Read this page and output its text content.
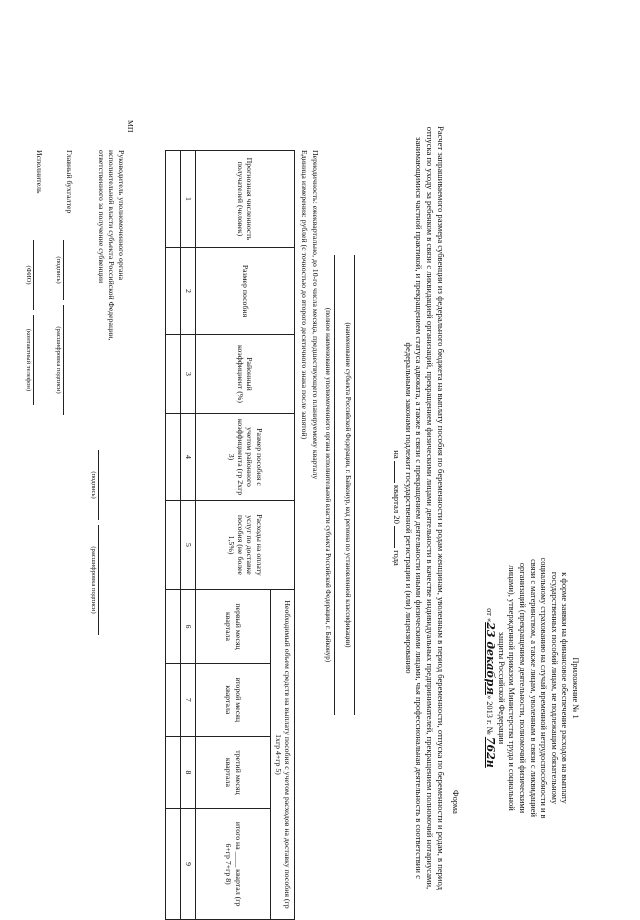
Приложение № 1
к форме заявки на финансовое обеспечение расходов на выплату
государственных пособий лицам, не подлежащим обязательному
социальному страхованию на случай временной нетрудоспособности и в
связи с материнством, а также лицам, уволенным в связи с ликвидацией
организаций (прекращением деятельности, полномочий физическими
лицами), утвержденной приказом Министерства труда и социальной
защиты Российской Федерации
от «23 декабря» 2013 г. № 762н
Форма
Расчет запрашиваемого размера субвенции из федерального бюджета на выплату пособия по беременности и родам женщинам, уволенным в период беременности, отпуска по беременности и родам, в период отпуска по уходу за ребенком в связи с ликвидацией организаций, прекращением физическими лицами деятельности в качестве индивидуальных предпринимателей, прекращением полномочий нотариусами, занимающимися частной практикой, и прекращением статуса адвоката, а также в связи с прекращением деятельности иными физическими лицами, чья профессиональная деятельность в соответствии с федеральными законами подлежит государственной регистрации и (или) лицензированию
на  квартал 20  года
(наименование субъекта Российской Федерации, г. Байконур, код региона по установленной классификации)
(полное наименование уполномоченного органа исполнительной власти субъекта Российской Федерации, г. Байконур)
Периодичность: ежеквартально, до 10-го числа месяца, предшествующего планируемому кварталу
Единица измерения: рублей (с точностью до второго десятичного знака после запятой)
Прогнозная численность получателей (человек)	Размер пособия	Районный коэффициент (%)	Размер пособия с учетом районного коэффициента (гр 2хгр 3)	Расходы на оплату услуг по доставке пособия (не более 1,5%)	Необходимый объем средств на выплату пособия с учетом расходов на доставку пособия (гр 1хгр 4+гр 5)			
					первый месяц квартала	второй месяц квартала	третий месяц квартала	итого на ____ квартал (гр 6+гр 7+гр 8)
1	2	3	4	5	6	7	8	9

МП
Руководитель уполномоченного органа
исполнительной власти субъекта Российской Федерации,
ответственного за получение субвенции
(подпись)
(расшифровка подписи)
Главный бухгалтер
(подпись)
(расшифровка подписи)
Исполнитель
(ФИО)
(контактный телефон)
